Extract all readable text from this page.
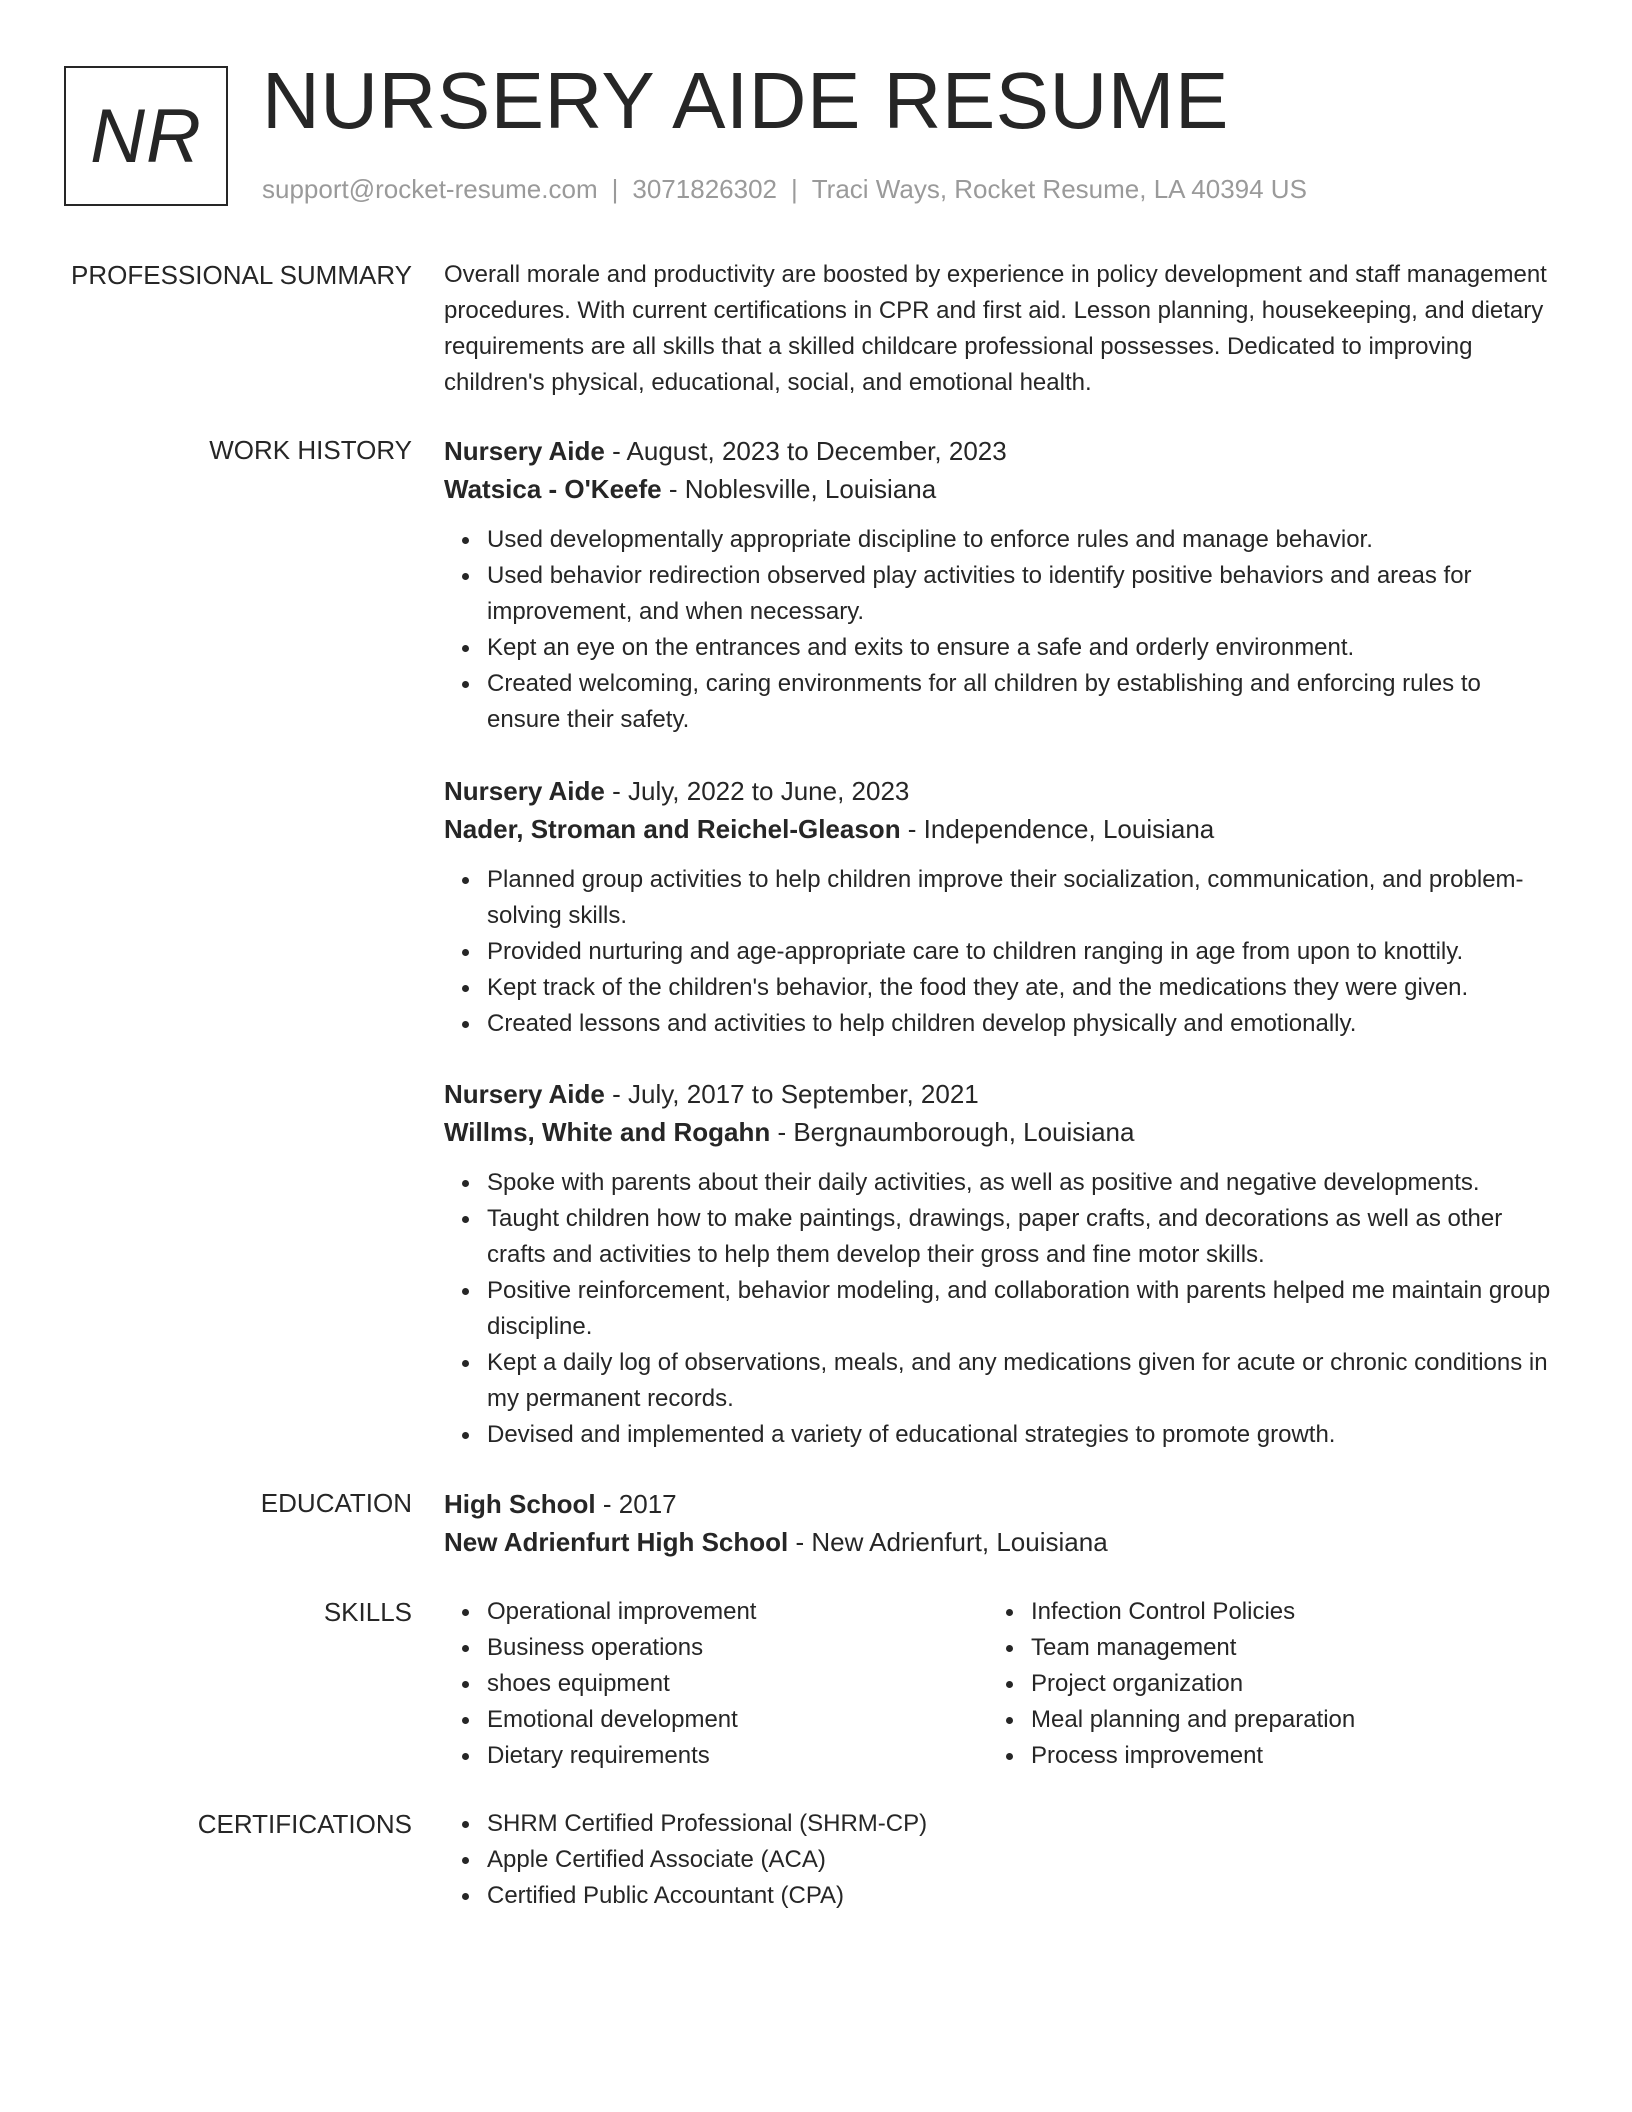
NR NURSERY AIDE RESUME
support@rocket-resume.com | 3071826302 | Traci Ways, Rocket Resume, LA 40394 US
PROFESSIONAL SUMMARY Overall morale and productivity are boosted by experience in policy development and staff management procedures. With current certifications in CPR and first aid. Lesson planning, housekeeping, and dietary requirements are all skills that a skilled childcare professional possesses. Dedicated to improving children's physical, educational, social, and emotional health.

WORK HISTORY Nursery Aide - August, 2023 to December, 2023

Watsica - O'Keefe - Noblesville, Louisiana

Used developmentally appropriate discipline to enforce rules and manage behavior.
Used behavior redirection observed play activities to identify positive behaviors and areas for improvement, and when necessary.
Kept an eye on the entrances and exits to ensure a safe and orderly environment.
Created welcoming, caring environments for all children by establishing and enforcing rules to ensure their safety.

Nursery Aide - July, 2022 to June, 2023

Nader, Stroman and Reichel-Gleason - Independence, Louisiana

Planned group activities to help children improve their socialization, communication, and problem-solving skills.
Provided nurturing and age-appropriate care to children ranging in age from upon to knottily.
Kept track of the children's behavior, the food they ate, and the medications they were given.
Created lessons and activities to help children develop physically and emotionally.

Nursery Aide - July, 2017 to September, 2021

Willms, White and Rogahn - Bergnaumborough, Louisiana

Spoke with parents about their daily activities, as well as positive and negative developments.
Taught children how to make paintings, drawings, paper crafts, and decorations as well as other crafts and activities to help them develop their gross and fine motor skills.
Positive reinforcement, behavior modeling, and collaboration with parents helped me maintain group discipline.
Kept a daily log of observations, meals, and any medications given for acute or chronic conditions in my permanent records.
Devised and implemented a variety of educational strategies to promote growth.
EDUCATION High School - 2017

New Adrienfurt High School - New Adrienfurt, Louisiana

SKILLS	Operational improvement
Business operations
shoes equipment
Emotional development
Dietary requirements
Infection Control Policies
Team management
Project organization
Meal planning and preparation
Process improvement
CERTIFICATIONS	SHRM Certified Professional (SHRM-CP)
Apple Certified Associate (ACA)
Certified Public Accountant (CPA)
